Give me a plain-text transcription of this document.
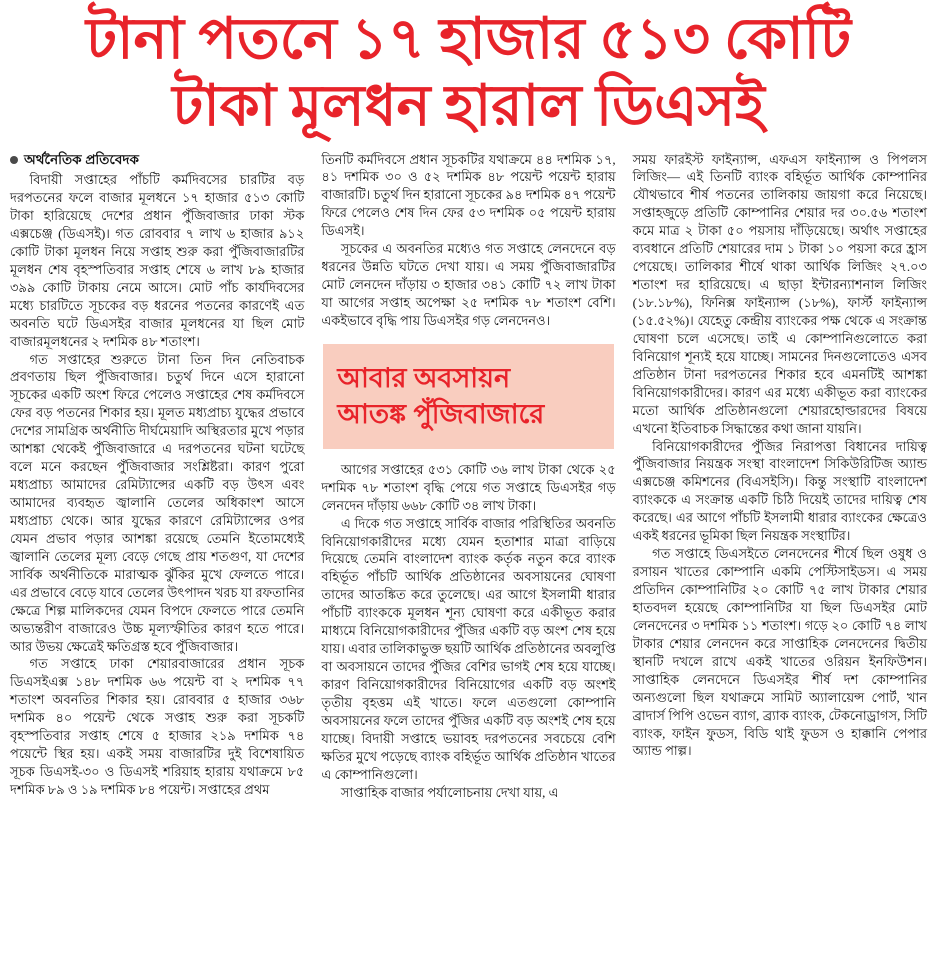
টানা পতনে ১৭ হাজার ৫১৩ কোটি
টাকা মূলধন হারাল ডিএসই
অর্থনৈতিক প্রতিবেদক

বিদায়ী সপ্তাহের পাঁচটি কর্মদিবসের চারটির বড় দরপতনের ফলে বাজার মূলধনে ১৭ হাজার ৫১৩ কোটি টাকা হারিয়েছে দেশের প্রধান পুঁজিবাজার ঢাকা স্টক এক্সচেঞ্জ (ডিএসই)। গত রোববার ৭ লাখ ৬ হাজার ৯১২ কোটি টাকা মূলধন নিয়ে সপ্তাহ শুরু করা পুঁজিবাজারটির মূলধন শেষ বৃহস্পতিবার সপ্তাহ শেষে ৬ লাখ ৮৯ হাজার ৩৯৯ কোটি টাকায় নেমে আসে। মোট পাঁচ কার্যদিবসের মধ্যে চারটিতে সূচকের বড় ধরনের পতনের কারণেই এত অবনতি ঘটে ডিএসইর বাজার মূলধনের যা ছিল মোট বাজারমূলধনের ২ দশমিক ৪৮ শতাংশ।

গত সপ্তাহের শুরুতে টানা তিন দিন নেতিবাচক প্রবণতায় ছিল পুঁজিবাজার। চতুর্থ দিনে এসে হারানো সূচকের একটি অংশ ফিরে পেলেও সপ্তাহের শেষ কর্মদিবসে ফের বড় পতনের শিকার হয়। মূলত মধ্যপ্রাচ্য যুদ্ধের প্রভাবে দেশের সামগ্রিক অর্থনীতি দীর্ঘমেয়াদি অস্থিরতার মুখে পড়ার আশঙ্কা থেকেই পুঁজিবাজারে এ দরপতনের ঘটনা ঘটেছে বলে মনে করছেন পুঁজিবাজার সংশ্লিষ্টরা। কারণ পুরো মধ্যপ্রাচ্য আমাদের রেমিট্যান্সের একটি বড় উৎস এবং আমাদের ব্যবহৃত জ্বালানি তেলের অধিকাংশ আসে মধ্যপ্রাচ্য থেকে। আর যুদ্ধের কারণে রেমিট্যান্সের ওপর যেমন প্রভাব পড়ার আশঙ্কা রয়েছে তেমনি ইতোমধ্যেই জ্বালানি তেলের মূল্য বেড়ে গেছে প্রায় শতগুণ, যা দেশের সার্বিক অর্থনীতিকে মারাত্মক ঝুঁকির মুখে ফেলতে পারে। এর প্রভাবে বেড়ে যাবে তেলের উৎপাদন খরচ যা রফতানির ক্ষেত্রে শিল্প মালিকদের যেমন বিপদে ফেলতে পারে তেমনি অভ্যন্তরীণ বাজারেও উচ্চ মূল্যস্ফীতির কারণ হতে পারে। আর উভয় ক্ষেত্রেই ক্ষতিগ্রস্ত হবে পুঁজিবাজার।

গত সপ্তাহে ঢাকা শেয়ারবাজারের প্রধান সূচক ডিএসইএক্স ১৪৮ দশমিক ৬৬ পয়েন্ট বা ২ দশমিক ৭৭ শতাংশ অবনতির শিকার হয়। রোববার ৫ হাজার ৩৬৮ দশমিক ৪০ পয়েন্ট থেকে সপ্তাহ শুরু করা সূচকটি বৃহস্পতিবার সপ্তাহ শেষে ৫ হাজার ২১৯ দশমিক ৭৪ পয়েন্টে স্থির হয়। একই সময় বাজারটির দুই বিশেষায়িত সূচক ডিএসই-৩০ ও ডিএসই শরিয়াহ হারায় যথাক্রমে ৮৫ দশমিক ৮৯ ও ১৯ দশমিক ৮৪ পয়েন্ট। সপ্তাহের প্রথম

তিনটি কর্মদিবসে প্রধান সূচকটির যথাক্রমে ৪৪ দশমিক ১৭, ৪১ দশমিক ৩০ ও ৫২ দশমিক ৪৮ পয়েন্ট পয়েন্ট হারায় বাজারটি। চতুর্থ দিন হারানো সূচকের ৯৪ দশমিক ৪৭ পয়েন্ট ফিরে পেলেও শেষ দিন ফের ৫৩ দশমিক ০৫ পয়েন্ট হারায় ডিএসই।

সূচকের এ অবনতির মধ্যেও গত সপ্তাহে লেনদেনে বড় ধরনের উন্নতি ঘটতে দেখা যায়। এ সময় পুঁজিবাজারটির মোট লেনদেন দাঁড়ায় ৩ হাজার ৩৪১ কোটি ৭২ লাখ টাকা যা আগের সপ্তাহ অপেক্ষা ২৫ দশমিক ৭৮ শতাংশ বেশি। একইভাবে বৃদ্ধি পায় ডিএসইর গড় লেনদেনও।

আবার অবসায়ন
আতঙ্ক পুঁজিবাজারে

আগের সপ্তাহের ৫৩১ কোটি ৩৬ লাখ টাকা থেকে ২৫ দশমিক ৭৮ শতাংশ বৃদ্ধি পেয়ে গত সপ্তাহে ডিএসইর গড় লেনদেন দাঁড়ায় ৬৬৮ কোটি ৩৪ লাখ টাকা।

এ দিকে গত সপ্তাহে সার্বিক বাজার পরিস্থিতির অবনতি বিনিয়োগকারীদের মধ্যে যেমন হতাশার মাত্রা বাড়িয়ে দিয়েছে তেমনি বাংলাদেশ ব্যাংক কর্তৃক নতুন করে ব্যাংক বহির্ভূত পাঁচটি আর্থিক প্রতিষ্ঠানের অবসায়নের ঘোষণা তাদের আতঙ্কিত করে তুলেছে। এর আগে ইসলামী ধারার পাঁচটি ব্যাংককে মূলধন শূন্য ঘোষণা করে একীভূত করার মাধ্যমে বিনিয়োগকারীদের পুঁজির একটি বড় অংশ শেষ হয়ে যায়। এবার তালিকাভুক্ত ছয়টি আর্থিক প্রতিষ্ঠানের অবলুপ্তি বা অবসায়নে তাদের পুঁজির বেশির ভাগই শেষ হয়ে যাচ্ছে। কারণ বিনিয়োগকারীদের বিনিয়োগের একটি বড় অংশই তৃতীয় বৃহত্তম এই খাতে। ফলে এতগুলো কোম্পানি অবসায়নের ফলে তাদের পুঁজির একটি বড় অংশই শেষ হয়ে যাচ্ছে। বিদায়ী সপ্তাহে ভয়াবহ দরপতনের সবচেয়ে বেশি ক্ষতির মুখে পড়েছে ব্যাংক বহির্ভূত আর্থিক প্রতিষ্ঠান খাতের এ কোম্পানিগুলো।

সাপ্তাহিক বাজার পর্যালোচনায় দেখা যায়, এ

সময় ফারইস্ট ফাইন্যান্স, এফএস ফাইন্যান্স ও পিপলস লিজিং— এই তিনটি ব্যাংক বহির্ভূত আর্থিক কোম্পানির যৌথভাবে শীর্ষ পতনের তালিকায় জায়গা করে নিয়েছে। সপ্তাহজুড়ে প্রতিটি কোম্পানির শেয়ার দর ৩০.৫৬ শতাংশ কমে মাত্র ২ টাকা ৫০ পয়সায় দাঁড়িয়েছে। অর্থাৎ সপ্তাহের ব্যবধানে প্রতিটি শেয়ারের দাম ১ টাকা ১০ পয়সা করে হ্রাস পেয়েছে। তালিকার শীর্ষে থাকা আর্থিক লিজিং ২৭.০৩ শতাংশ দর হারিয়েছে। এ ছাড়া ইন্টারন্যাশনাল লিজিং (১৮.১৮%), ফিনিক্স ফাইন্যান্স (১৮%), ফার্স্ট ফাইন্যান্স (১৫.৫২%)। যেহেতু কেন্দ্রীয় ব্যাংকের পক্ষ থেকে এ সংক্রান্ত ঘোষণা চলে এসেছে। তাই এ কোম্পানিগুলোতে করা বিনিয়োগ শূন্যই হয়ে যাচ্ছে। সামনের দিনগুলোতেও এসব প্রতিষ্ঠান টানা দরপতনের শিকার হবে এমনটিই আশঙ্কা বিনিয়োগকারীদের। কারণ এর মধ্যে একীভূত করা ব্যাংকের মতো আর্থিক প্রতিষ্ঠানগুলো শেয়ারহোল্ডারদের বিষয়ে এখনো ইতিবাচক সিদ্ধান্তের কথা জানা যায়নি।

বিনিয়োগকারীদের পুঁজির নিরাপত্তা বিধানের দায়িত্ব পুঁজিবাজার নিয়ন্ত্রক সংস্থা বাংলাদেশ সিকিউরিটিজ অ্যান্ড এক্সচেঞ্জ কমিশনের (বিএসইসি)। কিন্তু সংস্থাটি বাংলাদেশ ব্যাংককে এ সংক্রান্ত একটি চিঠি দিয়েই তাদের দায়িত্ব শেষ করেছে। এর আগে পাঁচটি ইসলামী ধারার ব্যাংকের ক্ষেত্রেও একই ধরনের ভূমিকা ছিল নিয়ন্ত্রক সংস্থাটির।

গত সপ্তাহে ডিএসইতে লেনদেনের শীর্ষে ছিল ওষুধ ও রসায়ন খাতের কোম্পানি একমি পেস্টিসাইডস। এ সময় প্রতিদিন কোম্পানিটির ২০ কোটি ৭৫ লাখ টাকার শেয়ার হাতবদল হয়েছে কোম্পানিটির যা ছিল ডিএসইর মোট লেনদেনের ৩ দশমিক ১১ শতাংশ। গড়ে ২০ কোটি ৭৪ লাখ টাকার শেয়ার লেনদেন করে সাপ্তাহিক লেনদেনের দ্বিতীয় স্থানটি দখলে রাখে একই খাতের ওরিয়ন ইনফিউশন। সাপ্তাহিক লেনদেনে ডিএসইর শীর্ষ দশ কোম্পানির অন্যগুলো ছিল যথাক্রমে সামিট অ্যালায়েন্স পোর্ট, খান ব্রাদার্স পিপি ওভেন ব্যাগ, ব্র্যাক ব্যাংক, টেকনোড্রাগস, সিটি ব্যাংক, ফাইন ফুডস, বিডি থাই ফুডস ও হাক্কানি পেপার অ্যান্ড পাল্প।
